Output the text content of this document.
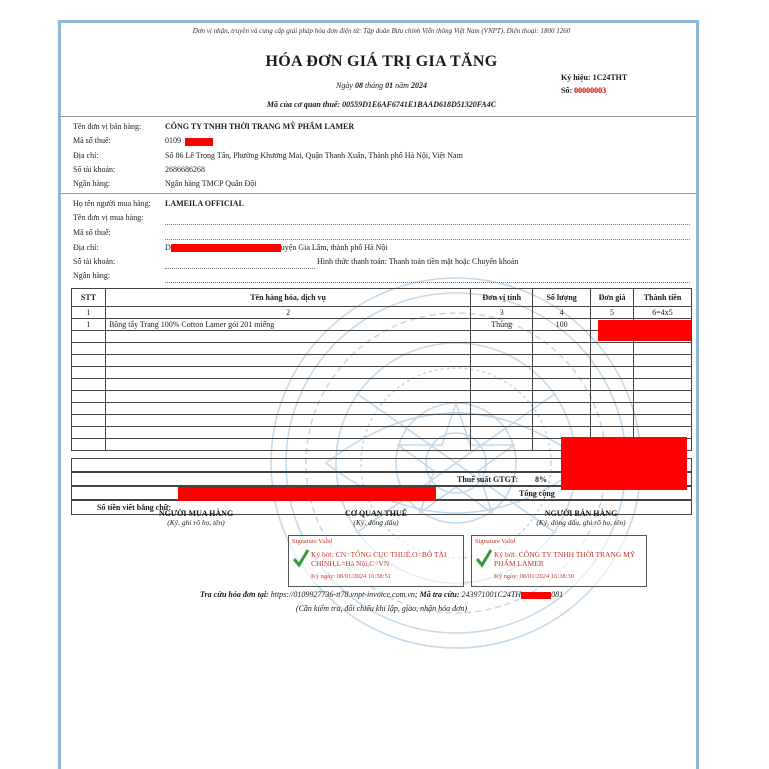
Đơn vị nhận, truyền và cung cấp giải pháp hóa đơn điện tử: Tập đoàn Bưu chính Viễn thông Việt Nam (VNPT), Điện thoại: 1800 1260
HÓA ĐƠN GIÁ TRỊ GIA TĂNG
Ngày 08 tháng 01 năm 2024
Mã của cơ quan thuế: 00559D1E6AF6741E1BAAD618D51320FA4C
Ký hiệu: 1C24THT
Số: 00000003
Tên đơn vị bán hàng:	CÔNG TY TNHH THỜI TRANG MỸ PHẨM LAMER
Mã số thuế:	0109
Địa chỉ:	Số 86 Lê Trọng Tấn, Phường Khương Mai, Quận Thanh Xuân, Thành phố Hà Nội, Việt Nam
Số tài khoản:	2686686268
Ngân hàng:	Ngân hàng TMCP Quân Đội
Họ tên người mua hàng: LAMEILA OFFICIAL
Tên đơn vị mua hàng:
Mã số thuế:
Địa chỉ:	D	uyện Gia Lâm, thành phố Hà Nội
Số tài khoản:	Hình thức thanh toán: Thanh toán tiền mặt hoặc Chuyển khoản
Ngân hàng:
STT	Tên hàng hóa, dịch vụ	Đơn vị tính	Số lượng	Đơn giá	Thành tiền
1	2	3	4	5	6=4x5
1	Bông tẩy Trang 100% Cotton Lamer gói 201 miếng	Thùng	100		

Thuế suất GTGT: 8%
Tổng cộng
Số tiền viết bằng chữ:
NGƯỜI MUA HÀNG
(Ký, ghi rõ họ, tên)
CƠ QUAN THUẾ
(Ký, đóng dấu)
NGƯỜI BÁN HÀNG
(Ký, đóng dấu, ghi rõ họ, tên)
Signature Valid
Ký bởi: CN=TỔNG CỤC THUẾ,O=BỘ TÀI CHÍNH,L=Hà Nội,C=VN
Ký ngày: 08/01/2024 16:38:51
Signature Valid
Ký bởi: CÔNG TY TNHH THỜI TRANG MỸ PHẨM LAMER
Ký ngày: 08/01/2024 16:38:30
Tra cứu hóa đơn tại: https://0109927736-tt78.vnpt-invoice.com.vn; Mã tra cứu: 243971001C24TH	081
(Cần kiểm tra, đối chiếu khi lập, giao, nhận hóa đơn)
